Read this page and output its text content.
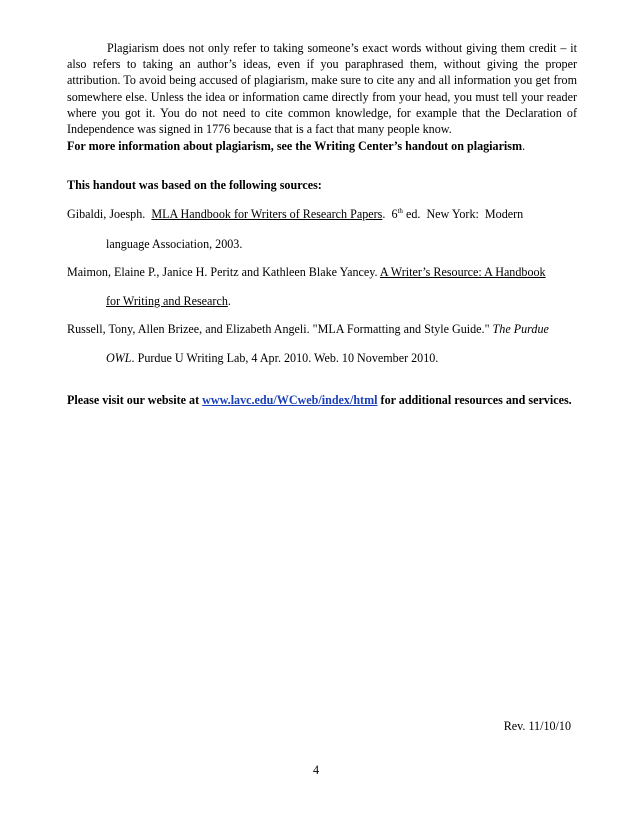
Plagiarism does not only refer to taking someone’s exact words without giving them credit – it also refers to taking an author’s ideas, even if you paraphrased them, without giving the proper attribution. To avoid being accused of plagiarism, make sure to cite any and all information you get from somewhere else. Unless the idea or information came directly from your head, you must tell your reader where you got it. You do not need to cite common knowledge, for example that the Declaration of Independence was signed in 1776 because that is a fact that many people know.

For more information about plagiarism, see the Writing Center’s handout on plagiarism.

This handout was based on the following sources:

Gibaldi, Joesph. MLA Handbook for Writers of Research Papers. 6th ed.  New York:  Modern
language Association, 2003.
Maimon, Elaine P., Janice H. Peritz and Kathleen Blake Yancey. A Writer’s Resource: A Handbook
for Writing and Research.
Russell, Tony, Allen Brizee, and Elizabeth Angeli. "MLA Formatting and Style Guide." The Purdue
OWL. Purdue U Writing Lab, 4 Apr. 2010. Web. 10 November 2010.

Please visit our website at www.lavc.edu/WCweb/index/html for additional resources and services.

Rev. 11/10/10
4
